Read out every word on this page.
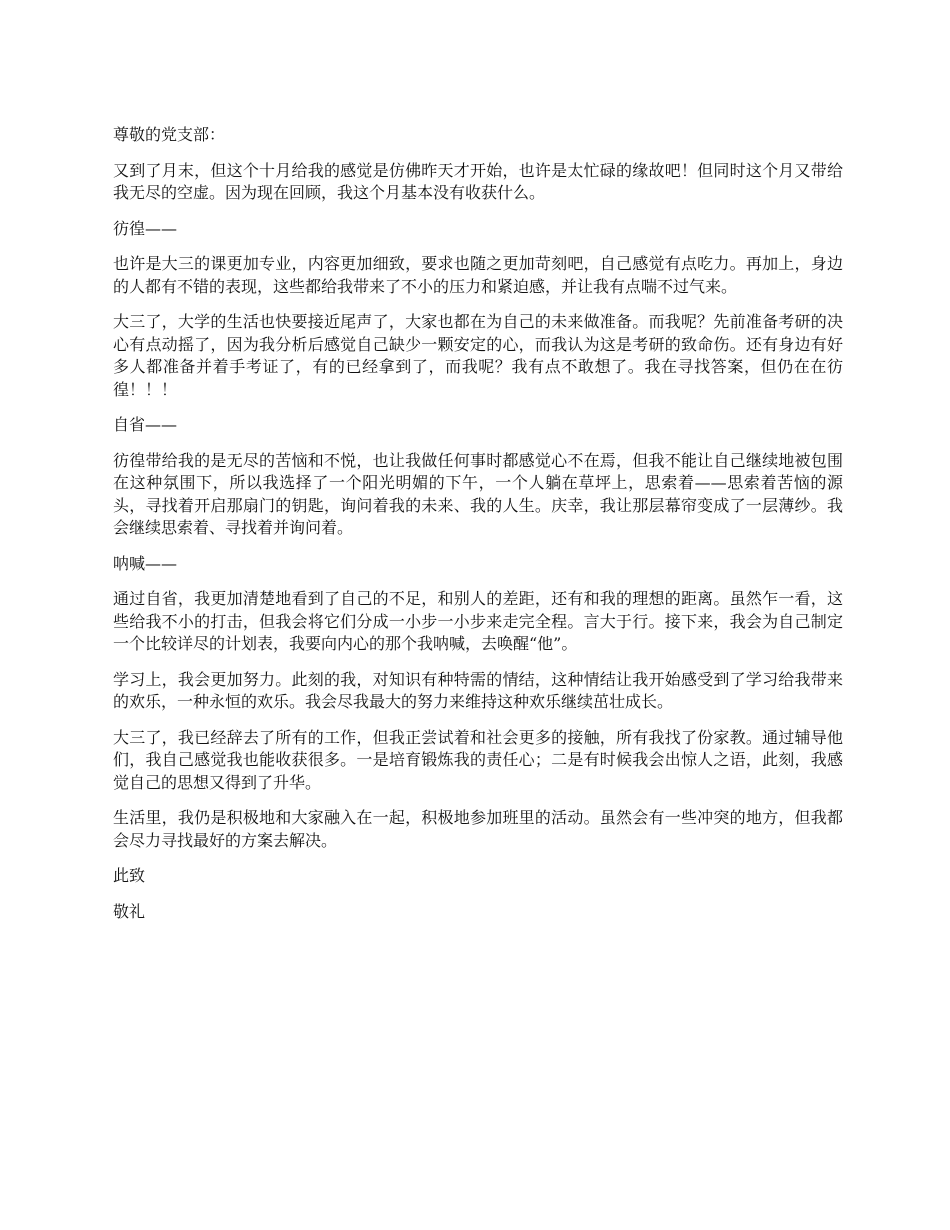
尊敬的党支部：

又到了月末，但这个十月给我的感觉是仿佛昨天才开始，也许是太忙碌的缘故吧！但同时这个月又带给我无尽的空虚。因为现在回顾，我这个月基本没有收获什么。

彷徨——

也许是大三的课更加专业，内容更加细致，要求也随之更加苛刻吧，自己感觉有点吃力。再加上，身边的人都有不错的表现，这些都给我带来了不小的压力和紧迫感，并让我有点喘不过气来。

大三了，大学的生活也快要接近尾声了，大家也都在为自己的未来做准备。而我呢？先前准备考研的决心有点动摇了，因为我分析后感觉自己缺少一颗安定的心，而我认为这是考研的致命伤。还有身边有好多人都准备并着手考证了，有的已经拿到了，而我呢？我有点不敢想了。我在寻找答案，但仍在在彷徨！！！

自省——

彷徨带给我的是无尽的苦恼和不悦，也让我做任何事时都感觉心不在焉，但我不能让自己继续地被包围在这种氛围下，所以我选择了一个阳光明媚的下午，一个人躺在草坪上，思索着——思索着苦恼的源头，寻找着开启那扇门的钥匙，询问着我的未来、我的人生。庆幸，我让那层幕帘变成了一层薄纱。我会继续思索着、寻找着并询问着。

呐喊——

通过自省，我更加清楚地看到了自己的不足，和别人的差距，还有和我的理想的距离。虽然乍一看，这些给我不小的打击，但我会将它们分成一小步一小步来走完全程。言大于行。接下来，我会为自己制定一个比较详尽的计划表，我要向内心的那个我呐喊，去唤醒“他”。

学习上，我会更加努力。此刻的我，对知识有种特需的情结，这种情结让我开始感受到了学习给我带来的欢乐，一种永恒的欢乐。我会尽我最大的努力来维持这种欢乐继续茁壮成长。

大三了，我已经辞去了所有的工作，但我正尝试着和社会更多的接触，所有我找了份家教。通过辅导他们，我自己感觉我也能收获很多。一是培育锻炼我的责任心；二是有时候我会出惊人之语，此刻，我感觉自己的思想又得到了升华。

生活里，我仍是积极地和大家融入在一起，积极地参加班里的活动。虽然会有一些冲突的地方，但我都会尽力寻找最好的方案去解决。

此致

敬礼
